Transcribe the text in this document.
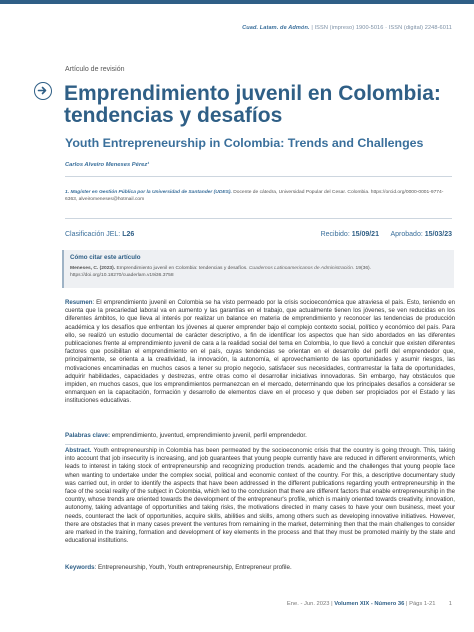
Cuad. Latam. de Admón. | ISSN (impreso) 1900-5016 · ISSN (digital) 2248-6011
Artículo de revisión
Emprendimiento juvenil en Colombia: tendencias y desafíos
Youth Entrepreneurship in Colombia: Trends and Challenges
Carlos Alveiro Meneses Pérez¹
1. Magíster en Gestión Pública por la Universidad de Santander (UDES). Docente de cátedra, Universidad Popular del Cesar. Colombia. https://orcid.org/0000-0001-9774-6363, alveiromeneses@hotmail.com
Clasificación JEL: L26	Recibido: 15/09/21 Aprobado: 15/03/23
Cómo citar este artículo
Meneses, C. (2023). Emprendimiento juvenil en Colombia: tendencias y desafíos. Cuadernos Latinoamericanos de Administración. 19(36). https://doi.org/10.18270/cuaderlam.v19i36.3758
Resumen: El emprendimiento juvenil en Colombia se ha visto permeado por la crisis socioeconómica que atraviesa el país. Esto, teniendo en cuenta que la precariedad laboral va en aumento y las garantías en el trabajo, que actualmente tienen los jóvenes, se ven reducidas en los diferentes ámbitos, lo que lleva al interés por realizar un balance en materia de emprendimiento y reconocer las tendencias de producción académica y los desafíos que enfrentan los jóvenes al querer emprender bajo el complejo contexto social, político y económico del país. Para ello, se realizó un estudio documental de carácter descriptivo, a fin de identificar los aspectos que han sido abordados en las diferentes publicaciones frente al emprendimiento juvenil de cara a la realidad social del tema en Colombia, lo que llevó a concluir que existen diferentes factores que posibilitan el emprendimiento en el país, cuyas tendencias se orientan en el desarrollo del perfil del emprendedor que, principalmente, se orienta a la creatividad, la innovación, la autonomía, el aprovechamiento de las oportunidades y asumir riesgos, las motivaciones encaminadas en muchos casos a tener su propio negocio, satisfacer sus necesidades, contrarrestar la falta de oportunidades, adquirir habilidades, capacidades y destrezas, entre otras como el desarrollar iniciativas innovadoras. Sin embargo, hay obstáculos que impiden, en muchos casos, que los emprendimientos permanezcan en el mercado, determinando que los principales desafíos a considerar se enmarquen en la capacitación, formación y desarrollo de elementos clave en el proceso y que deben ser propiciados por el Estado y las instituciones educativas.
Palabras clave: emprendimiento, juventud, emprendimiento juvenil, perfil emprendedor.
Abstract. Youth entrepreneurship in Colombia has been permeated by the socioeconomic crisis that the country is going through. This, taking into account that job insecurity is increasing, and job guarantees that young people currently have are reduced in different environments, which leads to interest in taking stock of entrepreneurship and recognizing production trends. academic and the challenges that young people face when wanting to undertake under the complex social, political and economic context of the country. For this, a descriptive documentary study was carried out, in order to identify the aspects that have been addressed in the different publications regarding youth entrepreneurship in the face of the social reality of the subject in Colombia, which led to the conclusion that there are different factors that enable entrepreneurship in the country, whose trends are oriented towards the development of the entrepreneur's profile, which is mainly oriented towards creativity, innovation, autonomy, taking advantage of opportunities and taking risks, the motivations directed in many cases to have your own business, meet your needs, counteract the lack of opportunities, acquire skills, abilities and skills, among others such as developing innovative initiatives. However, there are obstacles that in many cases prevent the ventures from remaining in the market, determining then that the main challenges to consider are marked in the training, formation and development of key elements in the process and that they must be promoted mainly by the state and educational institutions.
Keywords: Entrepreneurship, Youth, Youth entrepreneurship, Entrepreneur profile.
Ene. - Jun. 2023 | Volumen XIX - Número 36 | Págs 1-21 1
